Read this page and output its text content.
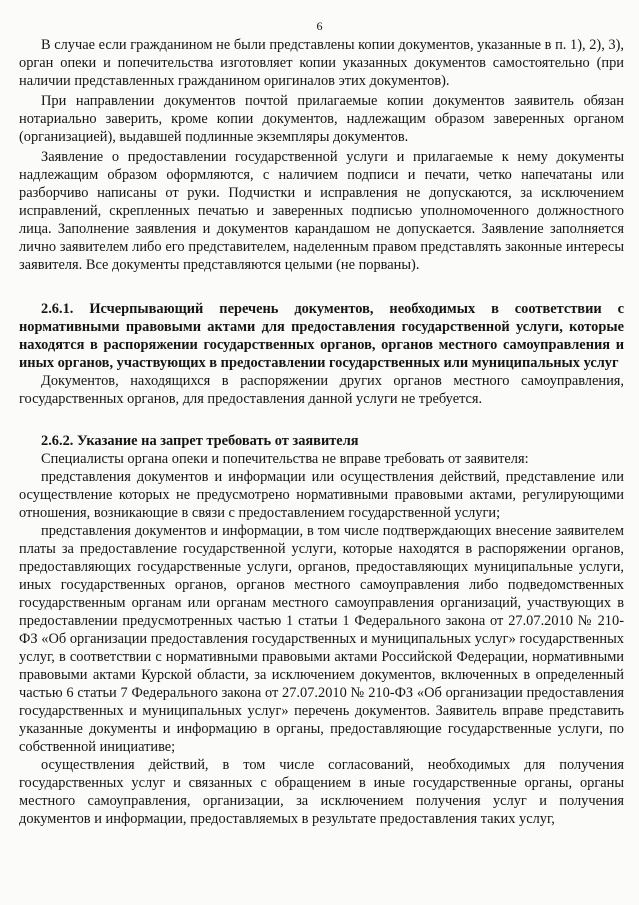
6

В случае если гражданином не были представлены копии документов, указанные в п. 1), 2), 3), орган опеки и попечительства изготовляет копии указанных документов самостоятельно (при наличии представленных гражданином оригиналов этих документов).

При направлении документов почтой прилагаемые копии документов заявитель обязан нотариально заверить, кроме копии документов, надлежащим образом заверенных органом (организацией), выдавшей подлинные экземпляры документов.

Заявление о предоставлении государственной услуги и прилагаемые к нему документы надлежащим образом оформляются, с наличием подписи и печати, четко напечатаны или разборчиво написаны от руки. Подчистки и исправления не допускаются, за исключением исправлений, скрепленных печатью и заверенных подписью уполномоченного должностного лица. Заполнение заявления и документов карандашом не допускается. Заявление заполняется лично заявителем либо его представителем, наделенным правом представлять законные интересы заявителя. Все документы представляются целыми (не порваны).

2.6.1. Исчерпывающий перечень документов, необходимых в соответствии с нормативными правовыми актами для предоставления государственной услуги, которые находятся в распоряжении государственных органов, органов местного самоуправления и иных органов, участвующих в предоставлении государственных или муниципальных услуг

Документов, находящихся в распоряжении других органов местного самоуправления, государственных органов, для предоставления данной услуги не требуется.

2.6.2. Указание на запрет требовать от заявителя

Специалисты органа опеки и попечительства не вправе требовать от заявителя:

представления документов и информации или осуществления действий, представление или осуществление которых не предусмотрено нормативными правовыми актами, регулирующими отношения, возникающие в связи с предоставлением государственной услуги;

представления документов и информации, в том числе подтверждающих внесение заявителем платы за предоставление государственной услуги, которые находятся в распоряжении органов, предоставляющих государственные услуги, органов, предоставляющих муниципальные услуги, иных государственных органов, органов местного самоуправления либо подведомственных государственным органам или органам местного самоуправления организаций, участвующих в предоставлении предусмотренных частью 1 статьи 1 Федерального закона от 27.07.2010 № 210-ФЗ «Об организации предоставления государственных и муниципальных услуг» государственных услуг, в соответствии с нормативными правовыми актами Российской Федерации, нормативными правовыми актами Курской области, за исключением документов, включенных в определенный частью 6 статьи 7 Федерального закона от 27.07.2010 № 210-ФЗ «Об организации предоставления государственных и муниципальных услуг» перечень документов. Заявитель вправе представить указанные документы и информацию в органы, предоставляющие государственные услуги, по собственной инициативе;

осуществления действий, в том числе согласований, необходимых для получения государственных услуг и связанных с обращением в иные государственные органы, органы местного самоуправления, организации, за исключением получения услуг и получения документов и информации, предоставляемых в результате предоставления таких услуг,
